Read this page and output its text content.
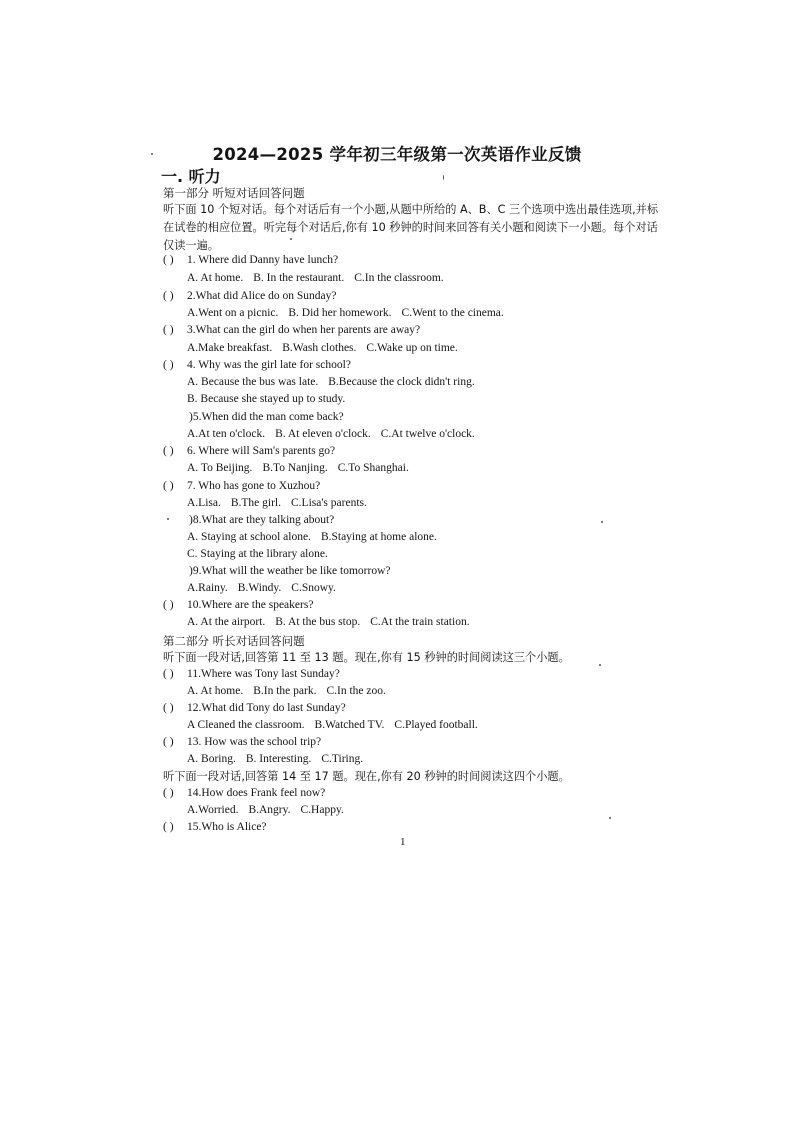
2024—2025 学年初三年级第一次英语作业反馈
一. 听力
第一部分 听短对话回答问题
听下面 10 个短对话。每个对话后有一个小题,从题中所给的 A、B、C 三个选项中选出最佳选项,并标在试卷的相应位置。听完每个对话后,你有 10 秒钟的时间来回答有关小题和阅读下一小题。每个对话仅读一遍。
( ) 1. Where did Danny have lunch?
A. At home. B. In the restaurant. C.In the classroom.
( ) 2.What did Alice do on Sunday?
A.Went on a picnic. B. Did her homework. C.Went to the cinema.
( ) 3.What can the girl do when her parents are away?
A.Make breakfast. B.Wash clothes. C.Wake up on time.
( ) 4. Why was the girl late for school?
A. Because the bus was late. B.Because the clock didn't ring.
B. Because she stayed up to study.
)5.When did the man come back?
A.At ten o'clock. B. At eleven o'clock. C.At twelve o'clock.
( ) 6. Where will Sam's parents go?
A. To Beijing. B.To Nanjing. C.To Shanghai.
( ) 7. Who has gone to Xuzhou?
A.Lisa. B.The girl. C.Lisa's parents.
)8.What are they talking about?
A. Staying at school alone. B.Staying at home alone.
C. Staying at the library alone.
)9.What will the weather be like tomorrow?
A.Rainy. B.Windy. C.Snowy.
( ) 10.Where are the speakers?
A. At the airport. B. At the bus stop. C.At the train station.
第二部分 听长对话回答问题
听下面一段对话,回答第 11 至 13 题。现在,你有 15 秒钟的时间阅读这三个小题。
( ) 11.Where was Tony last Sunday?
A. At home. B.In the park. C.In the zoo.
( ) 12.What did Tony do last Sunday?
A Cleaned the classroom. B.Watched TV. C.Played football.
( ) 13. How was the school trip?
A. Boring. B. Interesting. C.Tiring.
听下面一段对话,回答第 14 至 17 题。现在,你有 20 秒钟的时间阅读这四个小题。
( ) 14.How does Frank feel now?
A.Worried. B.Angry. C.Happy.
( ) 15.Who is Alice?
1
